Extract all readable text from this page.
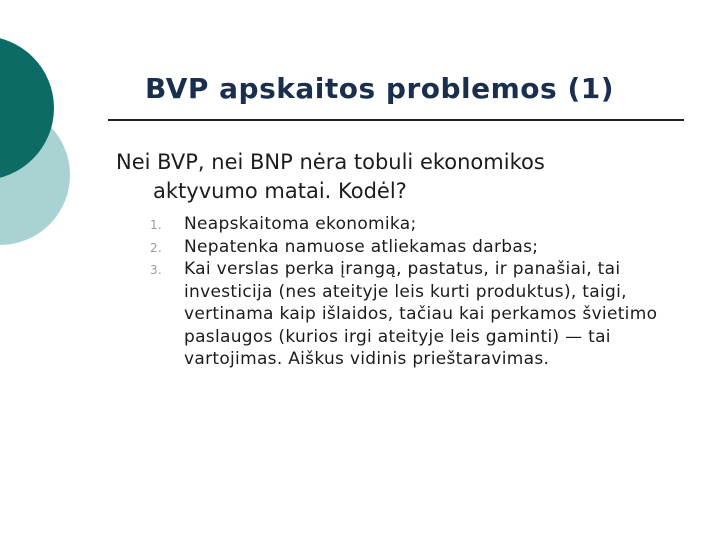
BVP apskaitos problemos (1)
Nei BVP, nei BNP nėra tobuli ekonomikos
aktyvumo matai. Kodėl?
1. Neapskaitoma ekonomika;
2. Nepatenka namuose atliekamas darbas;
3. Kai verslas perka įrangą, pastatus, ir panašiai, tai investicija (nes ateityje leis kurti produktus), taigi, vertinama kaip išlaidos, tačiau kai perkamos švietimo paslaugos (kurios irgi ateityje leis gaminti) — tai vartojimas. Aiškus vidinis prieštaravimas.
